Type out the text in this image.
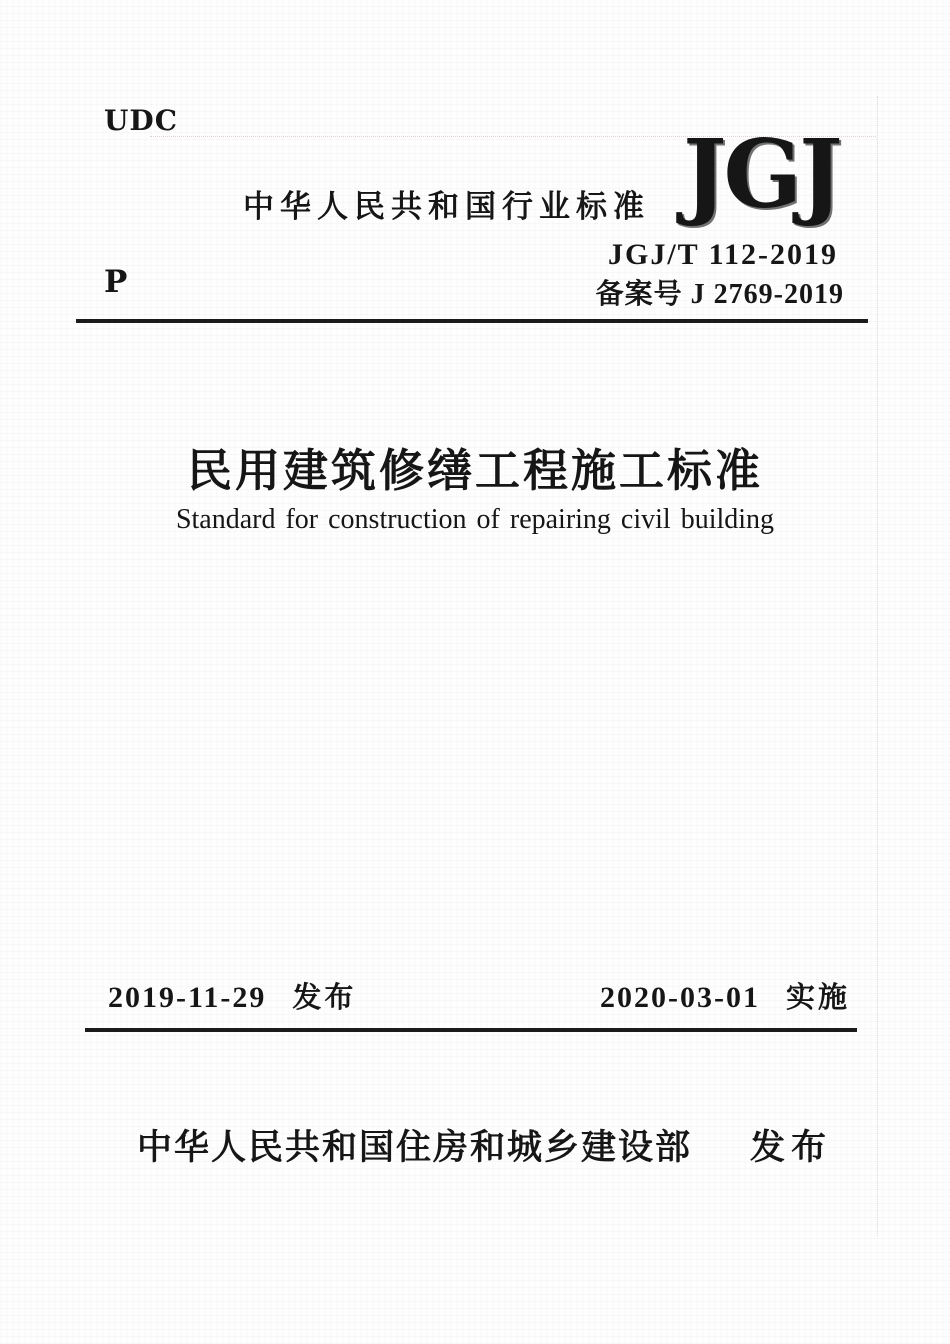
UDC
中华人民共和国行业标准 JGJ
JGJ/T 112-2019
备案号 J 2769-2019
P
民用建筑修缮工程施工标准
Standard for construction of repairing civil building
2019-11-29 发布	2020-03-01 实施
中华人民共和国住房和城乡建设部 发布
